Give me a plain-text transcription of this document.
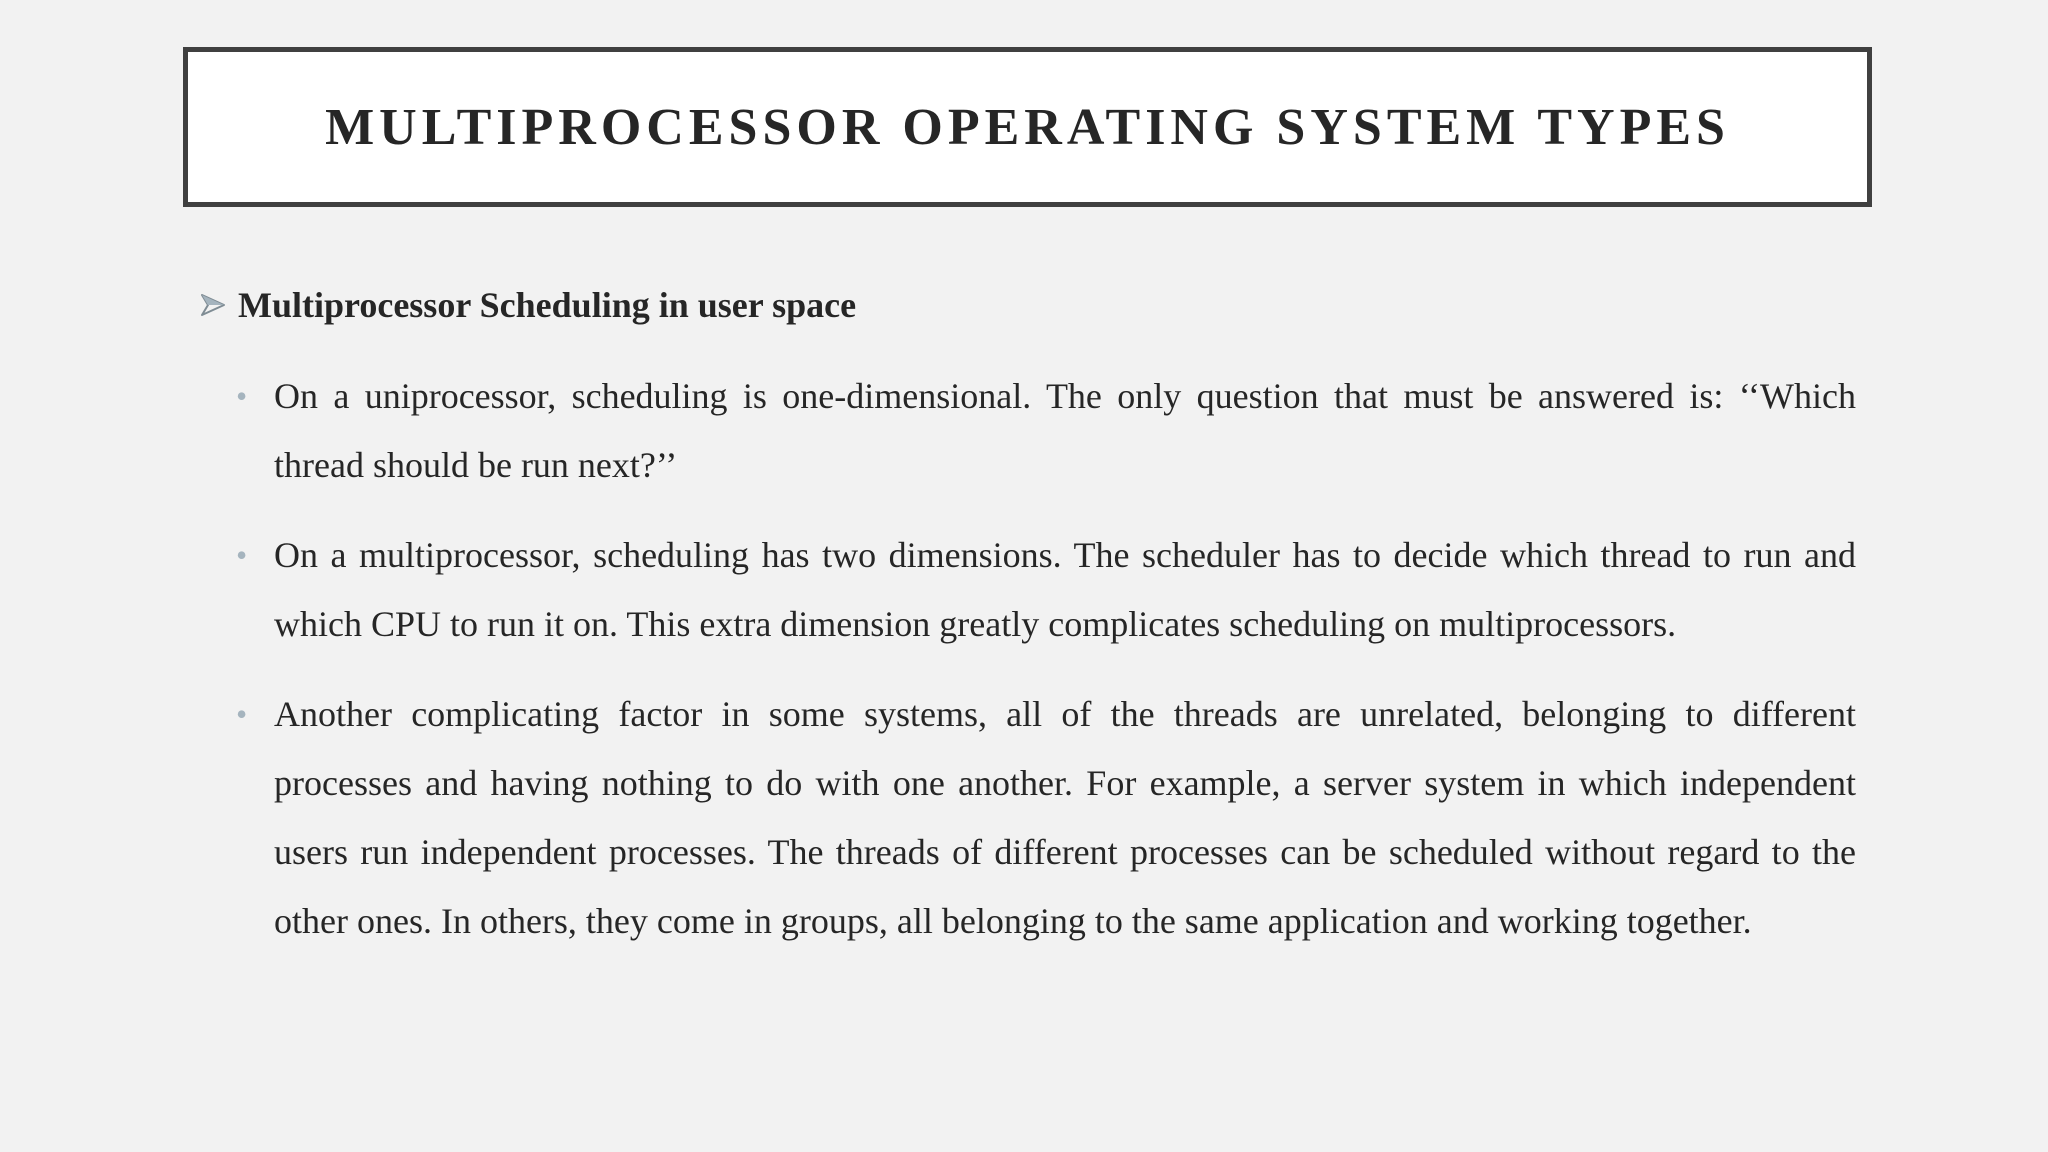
MULTIPROCESSOR OPERATING SYSTEM TYPES
Multiprocessor Scheduling in user space
• On a uniprocessor, scheduling is one-dimensional. The only question that must be answered is: ‘‘Which thread should be run next?’’
• On a multiprocessor, scheduling has two dimensions. The scheduler has to decide which thread to run and which CPU to run it on. This extra dimension greatly complicates scheduling on multiprocessors.
• Another complicating factor in some systems, all of the threads are unrelated, belonging to different processes and having nothing to do with one another. For example, a server system in which independent users run independent processes. The threads of different processes can be scheduled without regard to the other ones. In others, they come in groups, all belonging to the same application and working together.
